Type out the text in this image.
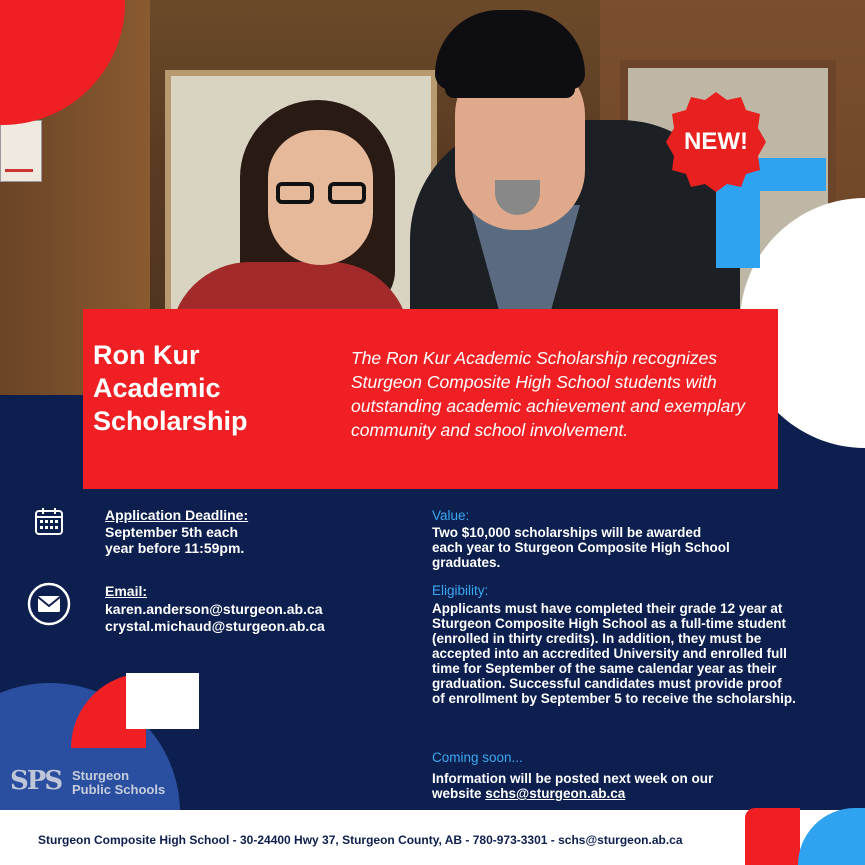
NEW!
Ron Kur
Academic
Scholarship
The Ron Kur Academic Scholarship recognizes Sturgeon Composite High School students with outstanding academic achievement and exemplary community and school involvement.
Application Deadline:
September 5th each
year before 11:59pm.
Email:
karen.anderson@sturgeon.ab.ca
crystal.michaud@sturgeon.ab.ca
Value:
Two $10,000 scholarships will be awarded each year to Sturgeon Composite High School graduates.
Eligibility:
Applicants must have completed their grade 12 year at Sturgeon Composite High School as a full-time student (enrolled in thirty credits). In addition, they must be accepted into an accredited University and enrolled full time for September of the same calendar year as their graduation. Successful candidates must provide proof of enrollment by September 5 to receive the scholarship.
Coming soon...
Information will be posted next week on our website schs@sturgeon.ab.ca
SPS Sturgeon
Public Schools
Sturgeon Composite High School - 30-24400 Hwy 37, Sturgeon County, AB - 780-973-3301 - schs@sturgeon.ab.ca
